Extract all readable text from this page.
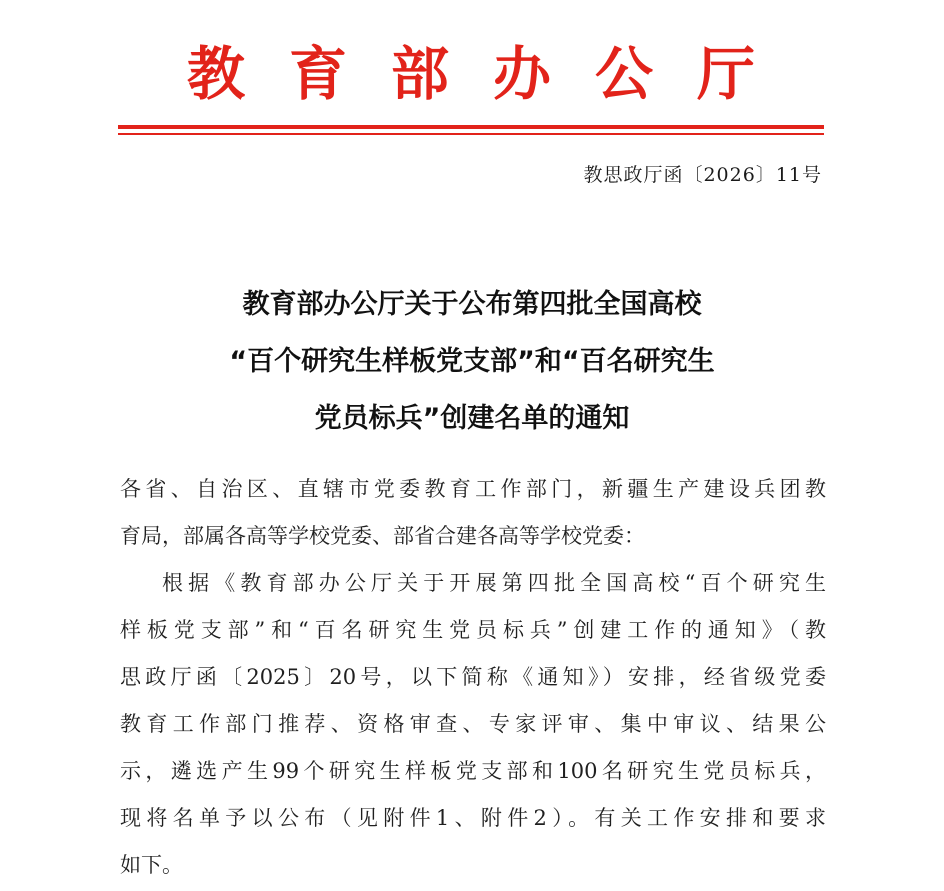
教育部办公厅
教思政厅函〔2026〕11号
教育部办公厅关于公布第四批全国高校
“百个研究生样板党支部”和“百名研究生
党员标兵”创建名单的通知
各省、自治区、直辖市党委教育工作部门，新疆生产建设兵团教
育局，部属各高等学校党委、部省合建各高等学校党委：
根据《教育部办公厅关于开展第四批全国高校“百个研究生
样板党支部”和“百名研究生党员标兵”创建工作的通知》（教
思政厅函〔2025〕20号，以下简称《通知》）安排，经省级党委
教育工作部门推荐、资格审查、专家评审、集中审议、结果公
示，遴选产生99个研究生样板党支部和100名研究生党员标兵，
现将名单予以公布（见附件1、附件2）。有关工作安排和要求
如下。
